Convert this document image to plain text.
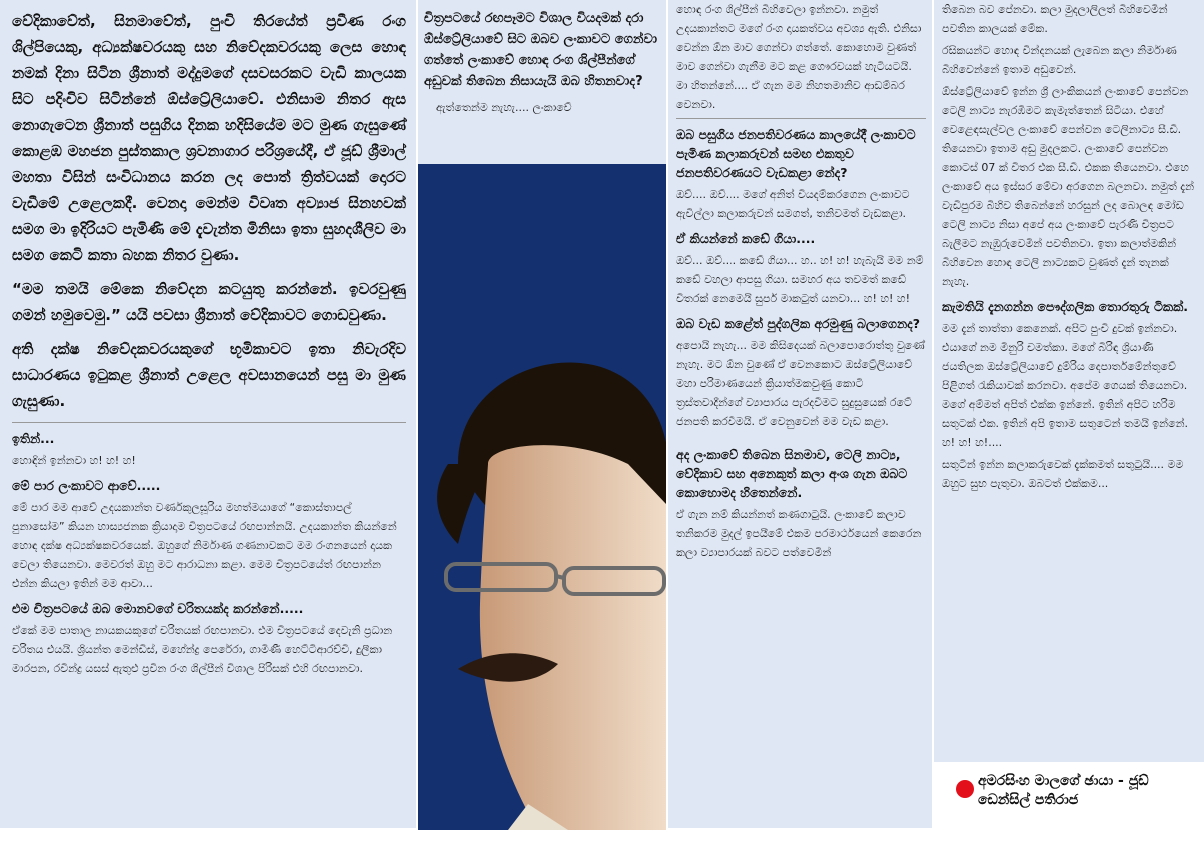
වේදිකාවේත්, සිනමාවේත්, පුංචි තිරයේත් ප්‍රවීණ රංග ශිල්පියෙකු, අධ්‍යක්ෂවරයකු සහ නිවේදකවරයකු ලෙස හොඳ නමක් දිනා සිටින ශ්‍රීනාත් මද්දුමගේ දසවසරකට වැඩි කාලයක සිට පදිංචිව සිටින්නේ ඕස්ට්‍රේලියාවේ. එනිසාම නිතර ඇස නොගැටෙන ශ්‍රීනාත් පසුගිය දිනක හදිසියේම මට මුණ ගැසුණේ කොළඹ මහජන පුස්තකාල ශ්‍රවනාගාර පරිශ්‍රයේදී, ඒ ජූඩ් ශ්‍රීමාල් මහතා විසින් සංවිධානය කරන ලද පොත් ත්‍රිත්වයක් දොරට වැඩීමේ උළෙලකදී. වෙනදා මෙන්ම විවෘත අව්‍යාජ සිනහවක් සමග මා ඉදිරියට පැමිණි මේ දැවැන්ත මිනිසා ඉතා සුහදශීලිව මා සමග කෙටි කතා බහක නිතර වුණා.

“මම තමයි මේකෙ නිවේදන කටයුතු කරන්නේ. ඉවරවුණු ගමන් හමුවෙමු.” යයි පවසා ශ්‍රීනාත් වේදිකාවට ගොඩවුණා.

අති දක්ෂ නිවේදකවරයකුගේ භූමිකාවට ඉතා නිවැරදිව සාධාරණය ඉටුකළ ශ්‍රීනාත් උළෙල අවසානයෙන් පසු මා මුණ ගැසුණා.

ඉතින්...

හොඳින් ඉන්නවා හ! හ! හ!

මේ පාර ලංකාවට ආවේ.....

මේ පාර මම ආවේ උදයකාන්ත වර්ණකුලසූරිය මහත්මයාගේ “කොස්තාපල් පුනාසෝම” කියන හාස්‍යජනක ක්‍රියාදාම චිත්‍රපටයේ රඟපාන්නයි. උදයකාන්ත කියන්නේ හොඳ දක්ෂ අධ්‍යක්ෂකවරයෙක්. ඔහුගේ නිර්මාණ ගණනාවකට මම රංගනයෙන් දායක වෙලා තියෙනවා. මෙවරත් ඔහු මට ආරාධනා කළා. මෙම චිත්‍රපටයේත් රඟපාන්න එන්න කියලා ඉතින් මම ආවා...

එම චිත්‍රපටයේ ඔබ මොනවගේ චරිතයක්ද කරන්නේ.....

ඒකේ මම පාතාල නායකයකුගේ චරිතයක් රඟපානවා. එම චිත්‍රපටයේ දෙවැනි ප්‍රධාන චරිතය එයයි. ශ්‍රියන්ත මෙන්ඩිස්, මහේන්ද්‍ර පෙරේරා, ගාමිණී හෙට්ටිආරච්චි, දුලීකා මාරපන, රවින්ද්‍ර යසස් ඇතුළු ප්‍රවීන රංග ශිල්පීන් විශාල පිරිසක් එහි රඟපානවා.

චිත්‍රපටයේ රඟපෑමට විශාල වියදමක් දරා ඕස්ට්‍රේලියාවේ සිට ඔබව ලංකාවට ගෙන්වා ගත්තේ ලංකාවේ හොඳ රංග ශිල්පීන්ගේ අඩුවක් තිබෙන නිසායැයි ඔබ හිතනවාද?

ඇත්තෙන්ම නැහැ.... ලංකාවේ

හොඳ රංග ශිල්පීන් බිහිවෙලා ඉන්නවා. නමුත් උදයකාන්තට මගේ රංග දායකත්වය අවශ්‍ය ඇති. එනිසා වෙන්න ඕන මාව ගෙන්වා ගත්තේ. කොහොම වුණත් මාව ගෙන්වා ගැනීම මට කළ ගෞරවයක් හැටියටයි. මා හිතන්නේ.... ඒ ගැන මම නිහතමානිව ආඩම්බර වෙනවා.

ඔබ පසුගිය ජනපතිවරණය කාලයේදී ලංකාවට පැමිණ කලාකරුවන් සමඟ එකතුව ජනපතිවරණයට වැඩකළා නේද?

ඔව්.... ඔව්.... මගේ අනිත් වියදම්කරගෙන ලංකාවට ඇවිල්ලා කලාකරුවන් සමගත්, තනිවමත් වැඩකළා.

ඒ කියන්නේ කඩේ ගියා....

ඔව්... ඔව්.... කඩේ ගියා... හ.. හ! හ! හැබැයි මම නම් කඩේ වහලා ආපසු ගියා. සමහර අය තවමත් කඩේ විතරක් නෙමෙයි සුපර් මාකටුත් යනවා... හ! හ! හ!

ඔබ වැඩ කළේත් පුද්ගලික අරමුණු බලාගෙනද?

අපොයි නැහැ... මම කිසිදෙයක් බලාපොරොත්තු වුණේ නැහැ. මට ඕන වුණේ ඒ වෙනකොට ඔස්ට්‍රේලියාවේ මහා පරිමාණයෙන් ක්‍රියාත්මකවුණු කොටි ත්‍රස්තවාදීන්ගේ ව්‍යාපාරය පැරදවීමට සුදුසුයෙක් රටේ ජනපති කරවීමයි. ඒ වෙනුවෙන් මම වැඩ කළා.

අද ලංකාවේ තිබෙන සිනමාව, ටෙලි නාට්‍ය, වේදිකාව සහ අනෙකුත් කලා අංශ ගැන ඔබට කොහොමද හිතෙන්නේ.

ඒ ගැන නම් කියන්නත් කණගාටුයි. ලංකාවේ කලාව තනිකරම මුදල් ඉපයීමේ එකම පරමාර්ථයෙන් කෙරෙන කලා ව්‍යාපාරයක් බවට පත්වෙමින්

තිබෙන බව පේනවා. කලා මුදලාලිලත් බිහිවෙමින් පවතින කාලයක් මේක.

රසිකයන්ට හොඳ වින්දනයක් ලැබෙන කලා නිර්මාණ බිහිවෙන්නේ ඉතාම අඩුවෙන්.

ඕස්ට්‍රේලියාවේ ඉන්න ශ්‍රී ලාංකිකයන් ලංකාවේ පෙන්වන ටෙලි නාට්‍ය නැරඹීමට කැමැත්තෙන් සිටියා. එහේ වෙළෙඳසැල්වල ලංකාවේ පෙන්වන ටෙලිනාට්‍ය සී.ඩී. තියෙනවා ඉතාම අඩු මුදලකට. ලංකාවේ පෙන්වන කොටස් 07 ක් විතර එක සී.ඩී. එකක තියෙනවා. එහෙ ලංකාවේ අය ඉස්සර මේවා අරගෙන බලනවා. නමුත් දැන් වැඩිපුරම බිහිව තිබෙන්නේ හරසුන් ලද බොලඳ මෝඩ ටෙලි නාට්‍ය නිසා අපේ අය ලංකාවේ පැරණි චිත්‍රපට බැලීමට නැඹුරුවෙමින් පවතිනවා. ඉතා කලාත්මකින් බිහිවෙන හොඳ ටෙලි නාට්‍යකට වුණත් දැන් තැනක් නැහැ.

කැමතියි දැනගන්න පෞද්ගලික තොරතුරු ටිකක්.

මම දැන් තාත්තා කෙනෙක්. අපිට පුංචි දුවක් ඉන්නවා. එයාගේ නම මිනුරි චමත්කා. මගේ බිරිඳ ශ්‍රියාණි ජයතිලක ඔස්ට්‍රේලියාවේ දුම්රිය දෙපාර්තමේන්තුවේ පිළිගත් රැකියාවක් කරනවා. අපේම ගෙයක් තියෙනවා. මගේ අම්මත් අපිත් එක්ක ඉන්නේ. ඉතින් අපිට හරිම සතුටක් එක. ඉතින් අපි ඉතාම සතුටෙන් තමයි ඉන්නේ. හ! හ! හ!....

සතුටින් ඉන්න කලාකරුවෙක් දැක්කමත් සතුටුයි.... මම ඔහුට සුභ පැතුවා. ඔබටත් එක්කම...

අමරසිංහ මාලගේ ඡායා - ජූඩ් ඩෙන්සිල් පතිරාජ
